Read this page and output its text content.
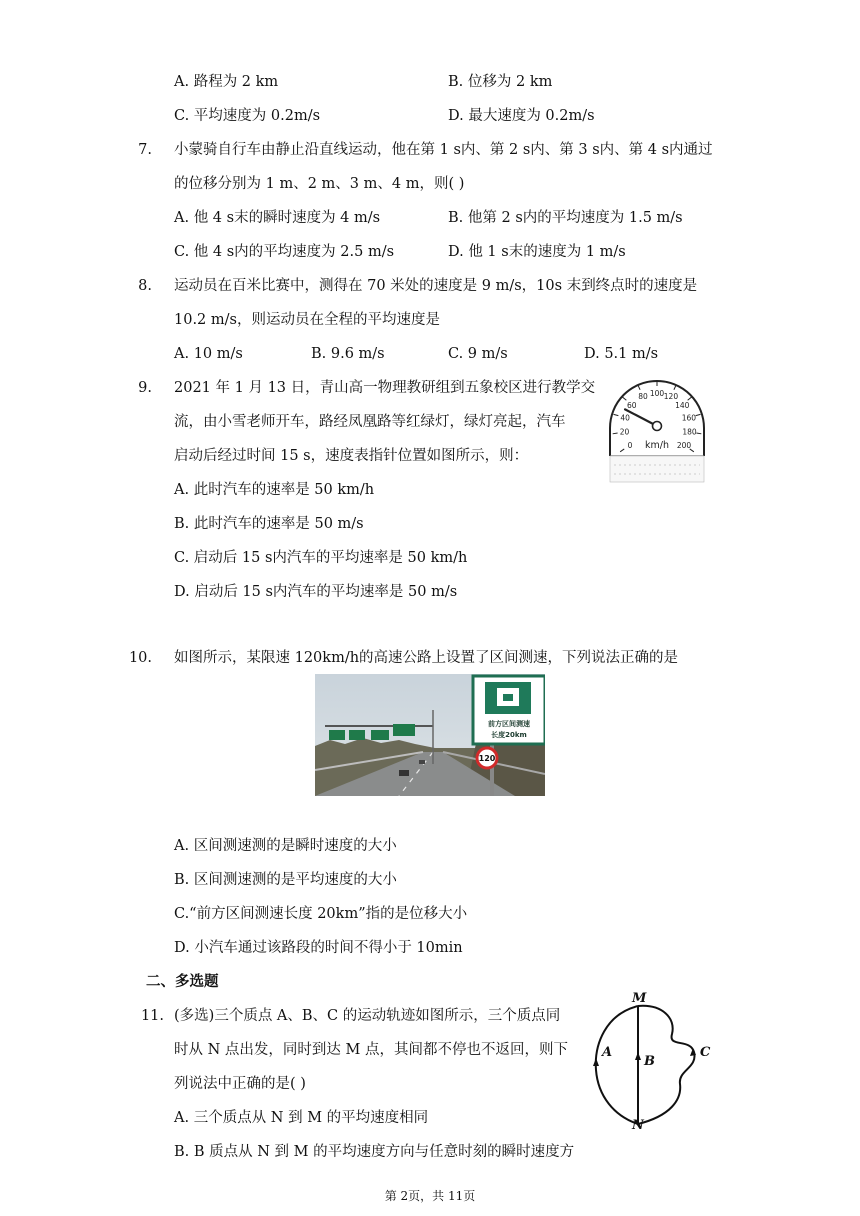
A. 路程为 2 km	B. 位移为 2 km
C. 平均速度为 0.2m/s	D. 最大速度为 0.2m/s
7. 小蒙骑自行车由静止沿直线运动，他在第 1 s内、第 2 s内、第 3 s内、第 4 s内通过
的位移分别为 1 m、2 m、3 m、4 m，则( )
A. 他 4 s末的瞬时速度为 4 m/s	B. 他第 2 s内的平均速度为 1.5 m/s
C. 他 4 s内的平均速度为 2.5 m/s	D. 他 1 s末的速度为 1 m/s
8. 运动员在百米比赛中，测得在 70 米处的速度是 9 m/s，10s 末到终点时的速度是
10.2 m/s，则运动员在全程的平均速度是
A. 10 m/s	B. 9.6 m/s	C. 9 m/s	D. 5.1 m/s
9. 2021 年 1 月 13 日，青山高一物理教研组到五象校区进行教学交
流，由小雪老师开车，路经凤凰路等红绿灯，绿灯亮起，汽车
启动后经过时间 15 s，速度表指针位置如图所示，则：
A. 此时汽车的速率是 50 km/h
B. 此时汽车的速率是 50 m/s
C. 启动后 15 s内汽车的平均速率是 50 km/h
D. 启动后 15 s内汽车的平均速率是 50 m/s
0
20
40
60
80 100 120
140
160
180
200
km/h
10. 如图所示，某限速 120km/h的高速公路上设置了区间测速，下列说法正确的是
前方区间测速
长度20km
120
A. 区间测速测的是瞬时速度的大小
B. 区间测速测的是平均速度的大小
C.“前方区间测速长度 20km”指的是位移大小
D. 小汽车通过该路段的时间不得小于 10min
二、多选题
11. (多选)三个质点 A、B、C 的运动轨迹如图所示，三个质点同
时从 N 点出发，同时到达 M 点，其间都不停也不返回，则下
列说法中正确的是( )
A. 三个质点从 N 到 M 的平均速度相同
B. B 质点从 N 到 M 的平均速度方向与任意时刻的瞬时速度方
M
N
A
B
C
第 2页，共 11页
